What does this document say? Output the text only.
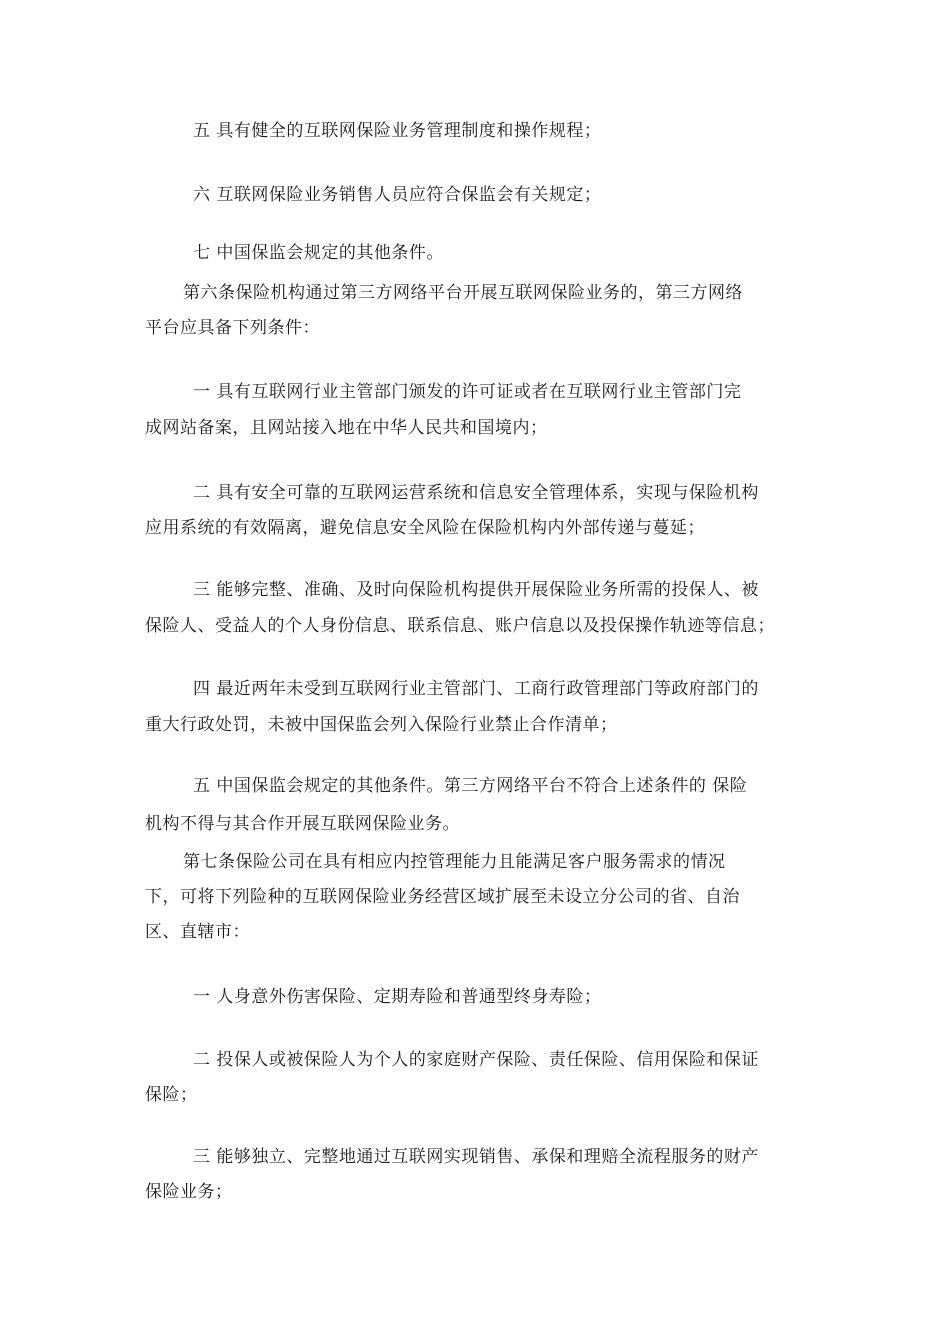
五 具有健全的互联网保险业务管理制度和操作规程；
六 互联网保险业务销售人员应符合保监会有关规定；
七 中国保监会规定的其他条件。
第六条保险机构通过第三方网络平台开展互联网保险业务的，第三方网络
平台应具备下列条件：
一 具有互联网行业主管部门颁发的许可证或者在互联网行业主管部门完
成网站备案，且网站接入地在中华人民共和国境内；
二 具有安全可靠的互联网运营系统和信息安全管理体系，实现与保险机构
应用系统的有效隔离，避免信息安全风险在保险机构内外部传递与蔓延；
三 能够完整、准确、及时向保险机构提供开展保险业务所需的投保人、被
保险人、受益人的个人身份信息、联系信息、账户信息以及投保操作轨迹等信息；
四 最近两年未受到互联网行业主管部门、工商行政管理部门等政府部门的
重大行政处罚，未被中国保监会列入保险行业禁止合作清单；
五 中国保监会规定的其他条件。第三方网络平台不符合上述条件的 保险
机构不得与其合作开展互联网保险业务。
第七条保险公司在具有相应内控管理能力且能满足客户服务需求的情况
下，可将下列险种的互联网保险业务经营区域扩展至未设立分公司的省、自治
区、直辖市：
一 人身意外伤害保险、定期寿险和普通型终身寿险；
二 投保人或被保险人为个人的家庭财产保险、责任保险、信用保险和保证
保险；
三 能够独立、完整地通过互联网实现销售、承保和理赔全流程服务的财产
保险业务；
